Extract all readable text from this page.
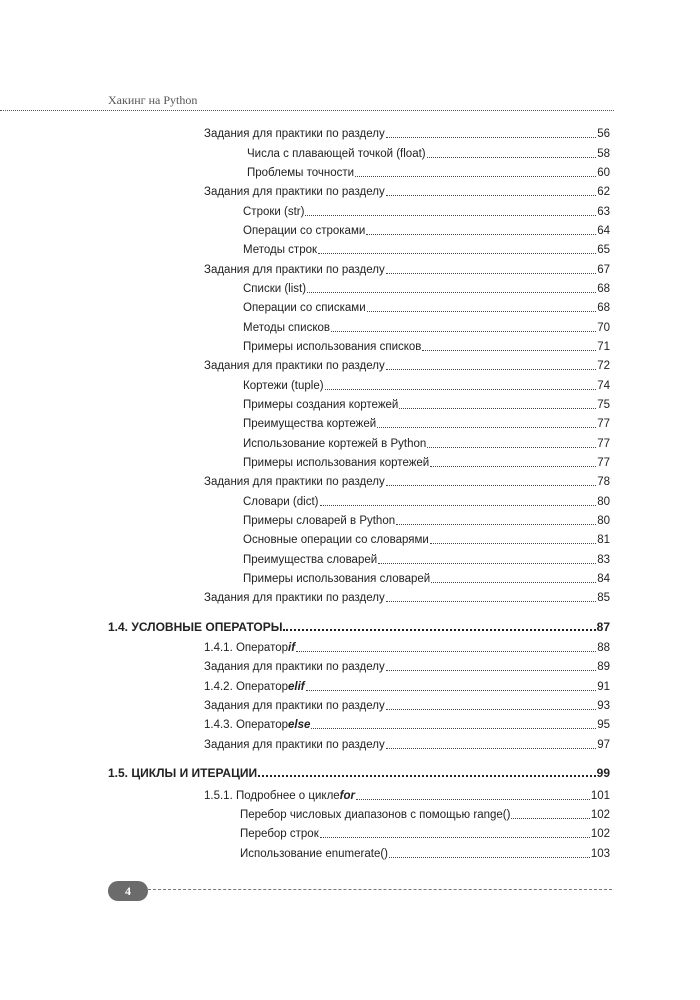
Хакинг на Python
Задания для практики по разделу	56
Числа с плавающей точкой (float)	58
Проблемы точности	60
Задания для практики по разделу	62
Строки (str)	63
Операции со строками	64
Методы строк	65
Задания для практики по разделу	67
Списки (list)	68
Операции со списками	68
Методы списков	70
Примеры использования списков	71
Задания для практики по разделу	72
Кортежи (tuple)	74
Примеры создания кортежей	75
Преимущества кортежей	77
Использование кортежей в Python	77
Примеры использования кортежей	77
Задания для практики по разделу	78
Словари (dict)	80
Примеры словарей в Python	80
Основные операции со словарями	81
Преимущества словарей	83
Примеры использования словарей	84
Задания для практики по разделу	85
1.4. УСЛОВНЫЕ ОПЕРАТОРЫ	87
1.4.1. Оператор if	88
Задания для практики по разделу	89
1.4.2. Оператор elif	91
Задания для практики по разделу	93
1.4.3. Оператор else	95
Задания для практики по разделу	97
1.5. ЦИКЛЫ И ИТЕРАЦИИ	99
1.5.1. Подробнее о цикле for	101
Перебор числовых диапазонов с помощью range()	102
Перебор строк	102
Использование enumerate()	103
4
